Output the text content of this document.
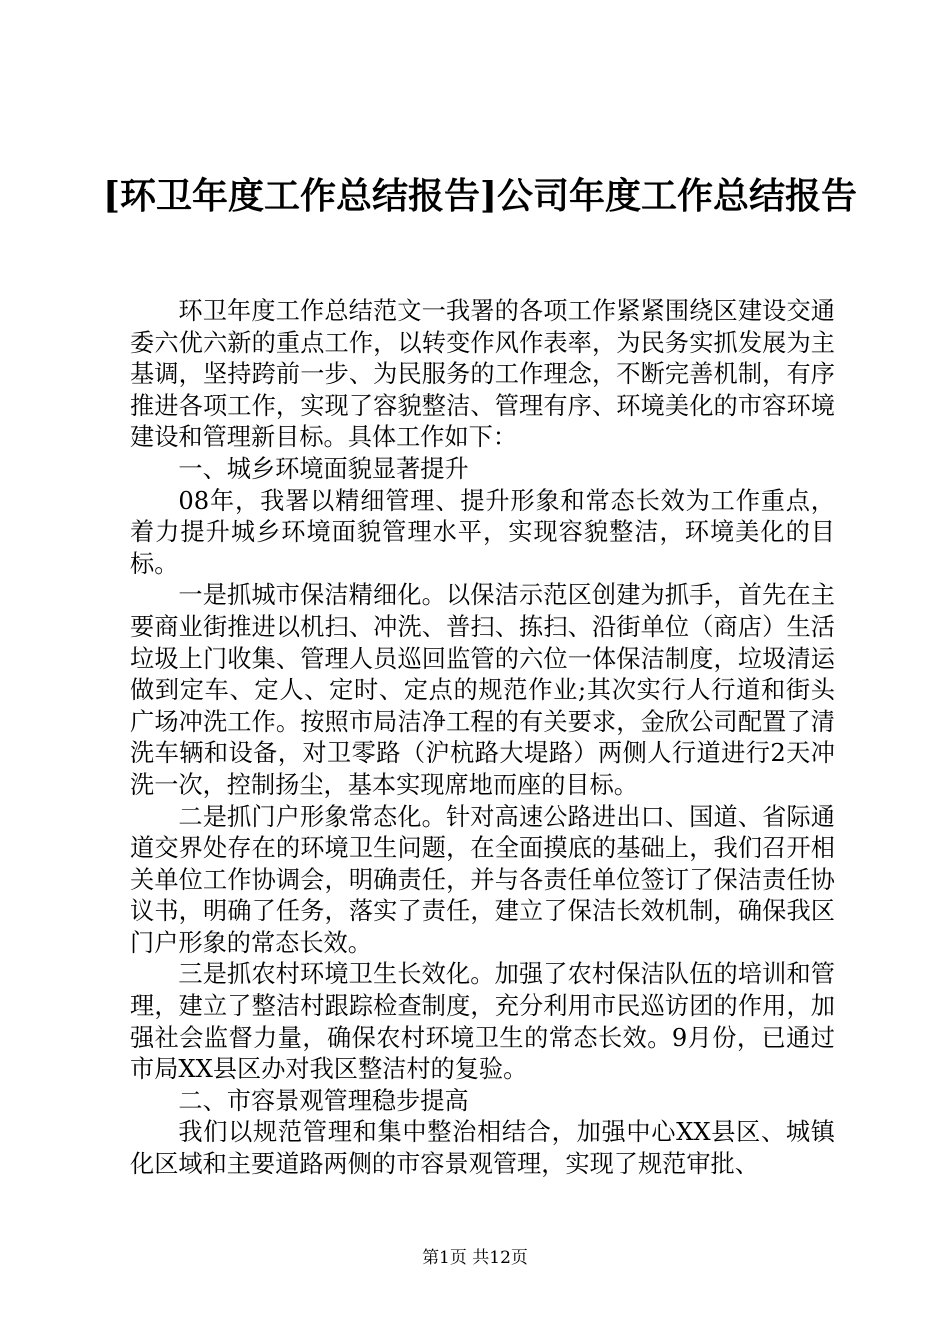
[环卫年度工作总结报告]公司年度工作总结报告

环卫年度工作总结范文一我署的各项工作紧紧围绕区建设交通委六优六新的重点工作，以转变作风作表率，为民务实抓发展为主基调，坚持跨前一步、为民服务的工作理念，不断完善机制，有序推进各项工作，实现了容貌整洁、管理有序、环境美化的市容环境建设和管理新目标。具体工作如下：

一、城乡环境面貌显著提升

08年，我署以精细管理、提升形象和常态长效为工作重点，着力提升城乡环境面貌管理水平，实现容貌整洁，环境美化的目标。

一是抓城市保洁精细化。以保洁示范区创建为抓手，首先在主要商业街推进以机扫、冲洗、普扫、拣扫、沿街单位（商店）生活垃圾上门收集、管理人员巡回监管的六位一体保洁制度，垃圾清运做到定车、定人、定时、定点的规范作业;其次实行人行道和街头广场冲洗工作。按照市局洁净工程的有关要求，金欣公司配置了清洗车辆和设备，对卫零路（沪杭路大堤路）两侧人行道进行2天冲洗一次，控制扬尘，基本实现席地而座的目标。

二是抓门户形象常态化。针对高速公路进出口、国道、省际通道交界处存在的环境卫生问题，在全面摸底的基础上，我们召开相关单位工作协调会，明确责任，并与各责任单位签订了保洁责任协议书，明确了任务，落实了责任，建立了保洁长效机制，确保我区门户形象的常态长效。

三是抓农村环境卫生长效化。加强了农村保洁队伍的培训和管理，建立了整洁村跟踪检查制度，充分利用市民巡访团的作用，加强社会监督力量，确保农村环境卫生的常态长效。9月份，已通过市局XX县区办对我区整洁村的复验。

二、市容景观管理稳步提高

我们以规范管理和集中整治相结合，加强中心XX县区、城镇化区域和主要道路两侧的市容景观管理，实现了规范审批、

第1页 共12页
